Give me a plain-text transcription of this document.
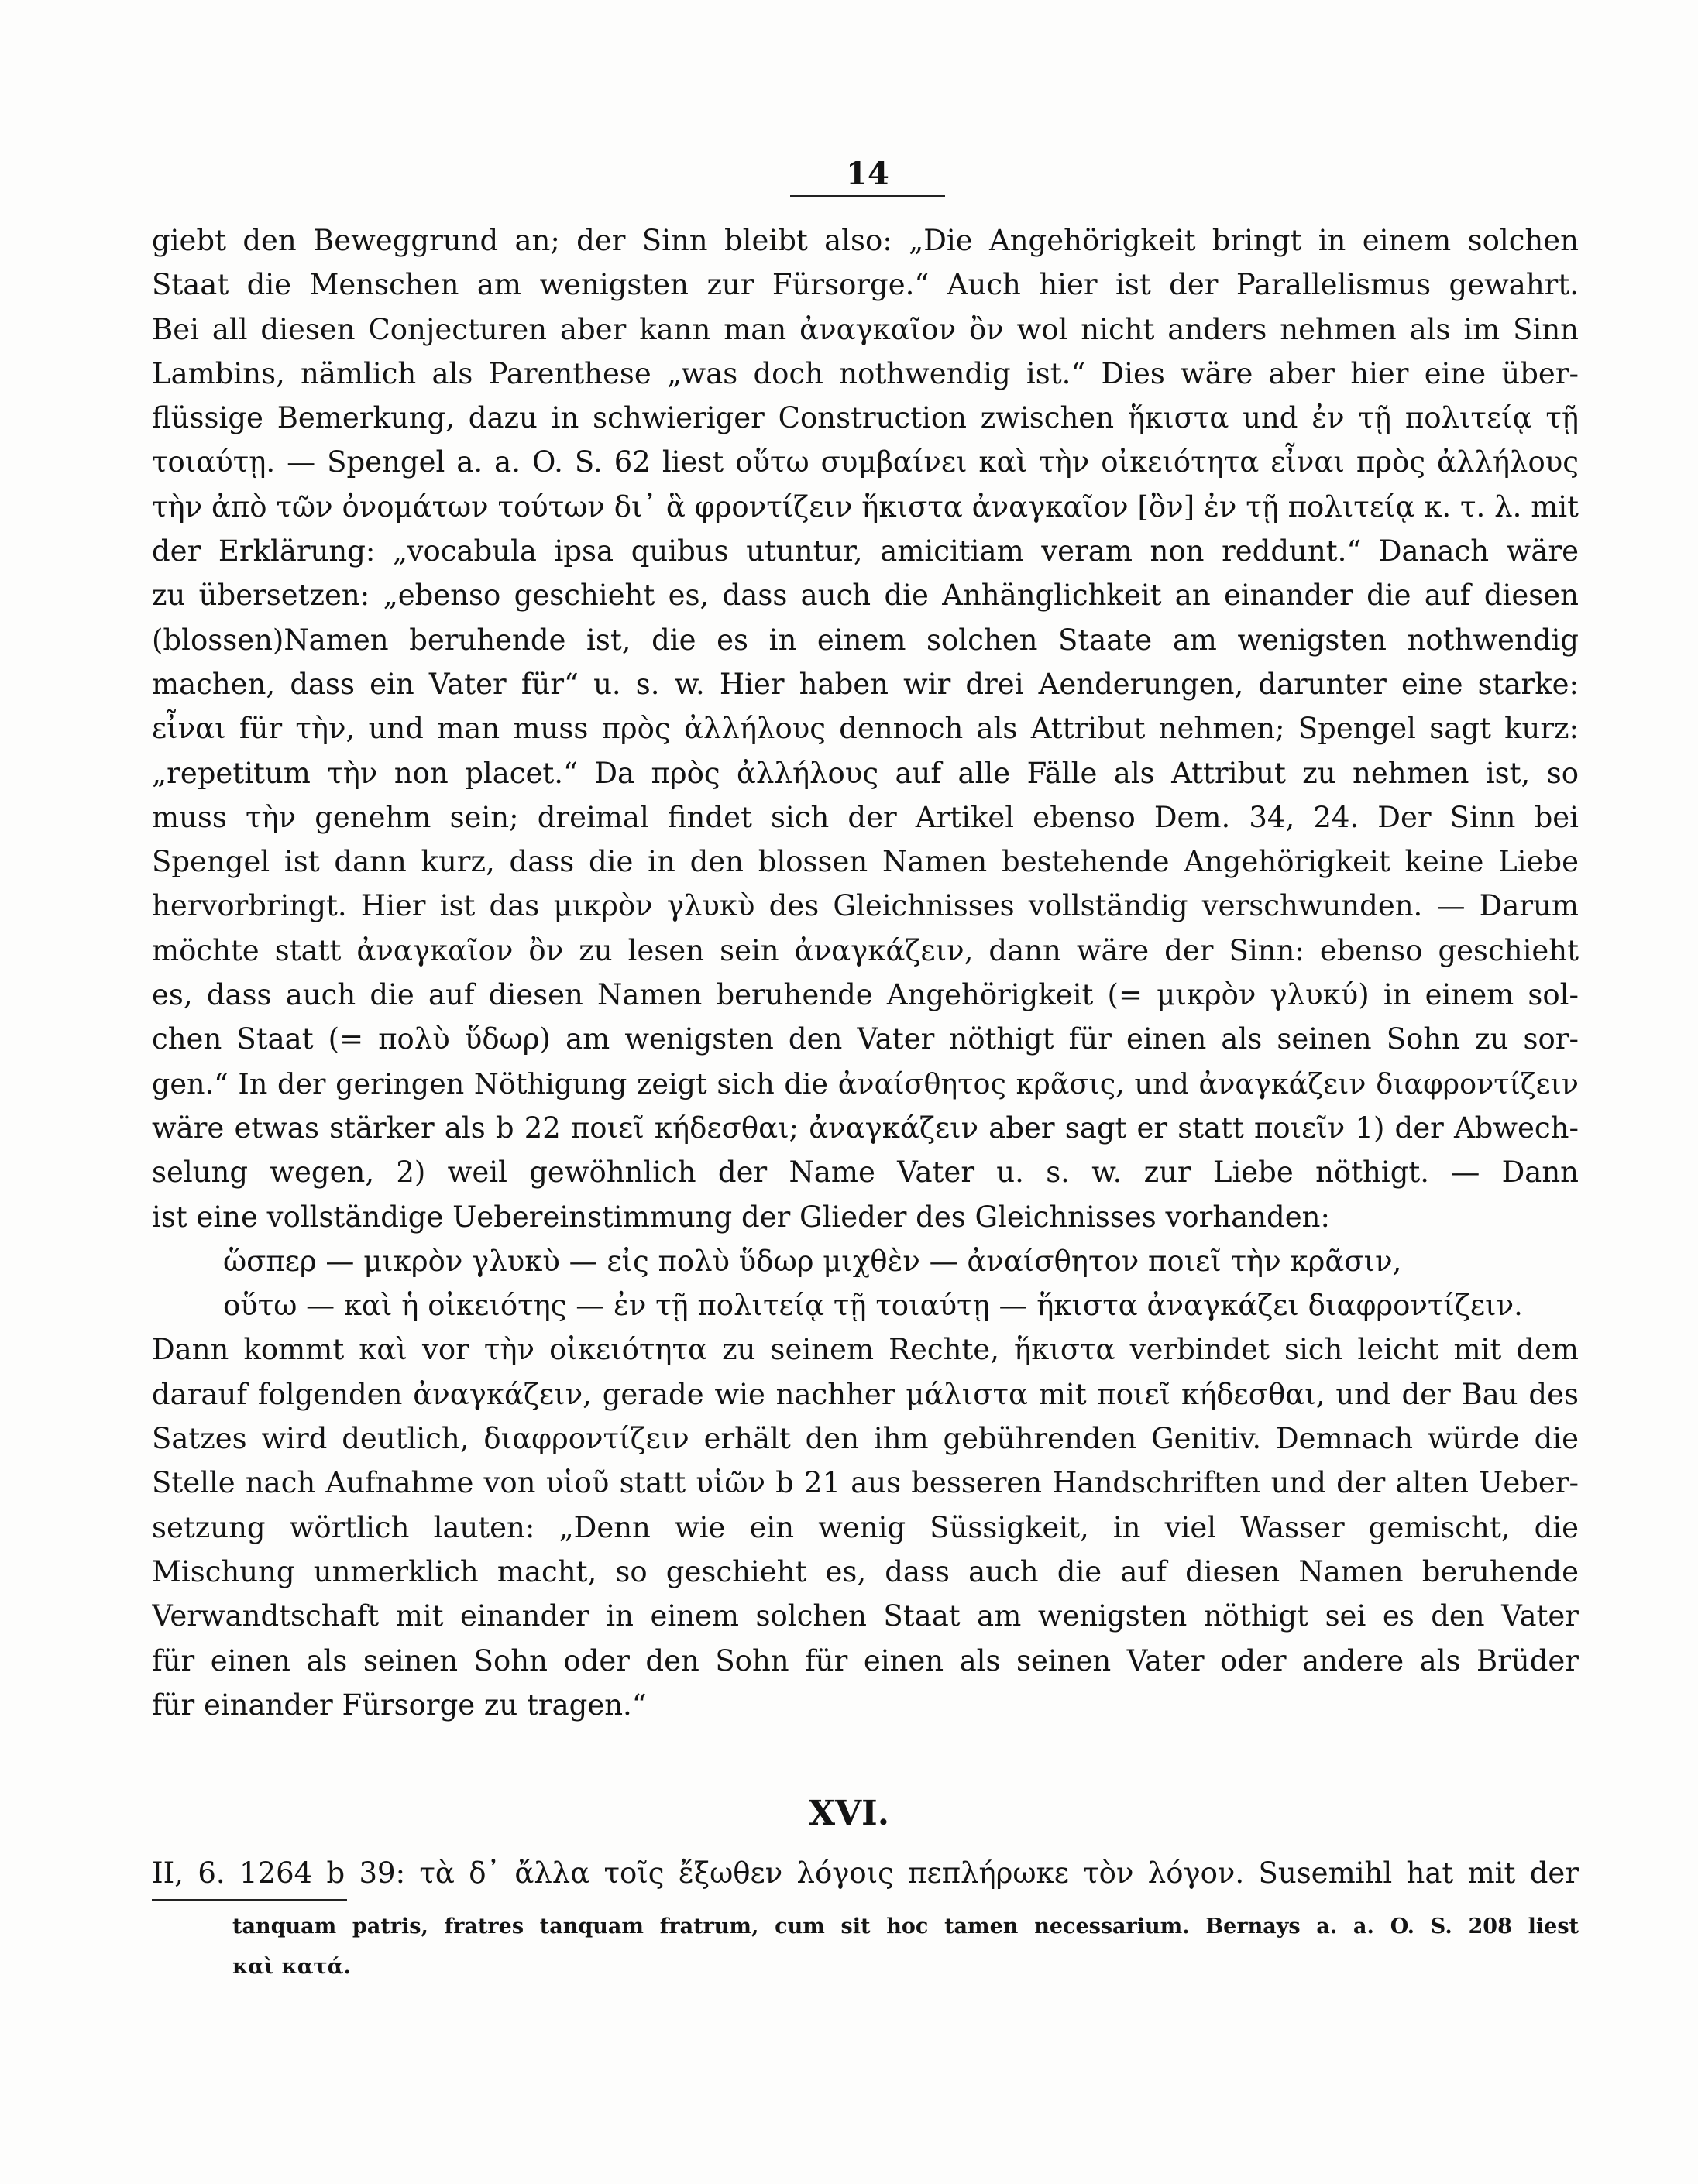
14
giebt den Beweggrund an; der Sinn bleibt also: „Die Angehörigkeit bringt in einem solchen
Staat die Menschen am wenigsten zur Fürsorge.“ Auch hier ist der Parallelismus gewahrt.
Bei all diesen Conjecturen aber kann man ἀναγκαῖον ὂν wol nicht anders nehmen als im Sinn
Lambins, nämlich als Parenthese „was doch nothwendig ist.“ Dies wäre aber hier eine über-
flüssige Bemerkung, dazu in schwieriger Construction zwischen ἥκιστα und ἐν τῇ πολιτείᾳ τῇ
τοιαύτῃ. — Spengel a. a. O. S. 62 liest οὕτω συμβαίνει καὶ τὴν οἰκειότητα εἶναι πρὸς ἀλλήλους
τὴν ἀπὸ τῶν ὀνομάτων τούτων δι᾽ ἃ φροντίζειν ἥκιστα ἀναγκαῖον [ὂν] ἐν τῇ πολιτείᾳ κ. τ. λ. mit
der Erklärung: „vocabula ipsa quibus utuntur, amicitiam veram non reddunt.“ Danach wäre
zu übersetzen: „ebenso geschieht es, dass auch die Anhänglichkeit an einander die auf diesen
(blossen)Namen beruhende ist, die es in einem solchen Staate am wenigsten nothwendig
machen, dass ein Vater für“ u. s. w. Hier haben wir drei Aenderungen, darunter eine starke:
εἶναι für τὴν, und man muss πρὸς ἀλλήλους dennoch als Attribut nehmen; Spengel sagt kurz:
„repetitum τὴν non placet.“ Da πρὸς ἀλλήλους auf alle Fälle als Attribut zu nehmen ist, so
muss τὴν genehm sein; dreimal findet sich der Artikel ebenso Dem. 34, 24. Der Sinn bei
Spengel ist dann kurz, dass die in den blossen Namen bestehende Angehörigkeit keine Liebe
hervorbringt. Hier ist das μικρὸν γλυκὺ des Gleichnisses vollständig verschwunden. — Darum
möchte statt ἀναγκαῖον ὂν zu lesen sein ἀναγκάζειν, dann wäre der Sinn: ebenso geschieht
es, dass auch die auf diesen Namen beruhende Angehörigkeit (= μικρὸν γλυκύ) in einem sol-
chen Staat (= πολὺ ὕδωρ) am wenigsten den Vater nöthigt für einen als seinen Sohn zu sor-
gen.“ In der geringen Nöthigung zeigt sich die ἀναίσθητος κρᾶσις, und ἀναγκάζειν διαφροντίζειν
wäre etwas stärker als b 22 ποιεῖ κήδεσθαι; ἀναγκάζειν aber sagt er statt ποιεῖν 1) der Abwech-
selung wegen, 2) weil gewöhnlich der Name Vater u. s. w. zur Liebe nöthigt. — Dann
ist eine vollständige Uebereinstimmung der Glieder des Gleichnisses vorhanden:
ὥσπερ — μικρὸν γλυκὺ — εἰς πολὺ ὕδωρ μιχθὲν — ἀναίσθητον ποιεῖ τὴν κρᾶσιν,
οὕτω — καὶ ἡ οἰκειότης — ἐν τῇ πολιτείᾳ τῇ τοιαύτῃ — ἥκιστα ἀναγκάζει διαφροντίζειν.
Dann kommt καὶ vor τὴν οἰκειότητα zu seinem Rechte, ἥκιστα verbindet sich leicht mit dem
darauf folgenden ἀναγκάζειν, gerade wie nachher μάλιστα mit ποιεῖ κήδεσθαι, und der Bau des
Satzes wird deutlich, διαφροντίζειν erhält den ihm gebührenden Genitiv. Demnach würde die
Stelle nach Aufnahme von υἱοῦ statt υἱῶν b 21 aus besseren Handschriften und der alten Ueber-
setzung wörtlich lauten: „Denn wie ein wenig Süssigkeit, in viel Wasser gemischt, die
Mischung unmerklich macht, so geschieht es, dass auch die auf diesen Namen beruhende
Verwandtschaft mit einander in einem solchen Staat am wenigsten nöthigt sei es den Vater
für einen als seinen Sohn oder den Sohn für einen als seinen Vater oder andere als Brüder
für einander Fürsorge zu tragen.“
XVI.
II, 6. 1264 b 39: τὰ δ᾽ ἄλλα τοῖς ἔξωθεν λόγοις πεπλήρωκε τὸν λόγον. Susemihl hat mit der
tanquam patris, fratres tanquam fratrum, cum sit hoc tamen necessarium. Bernays a. a. O. S. 208 liest
καὶ κατά.
